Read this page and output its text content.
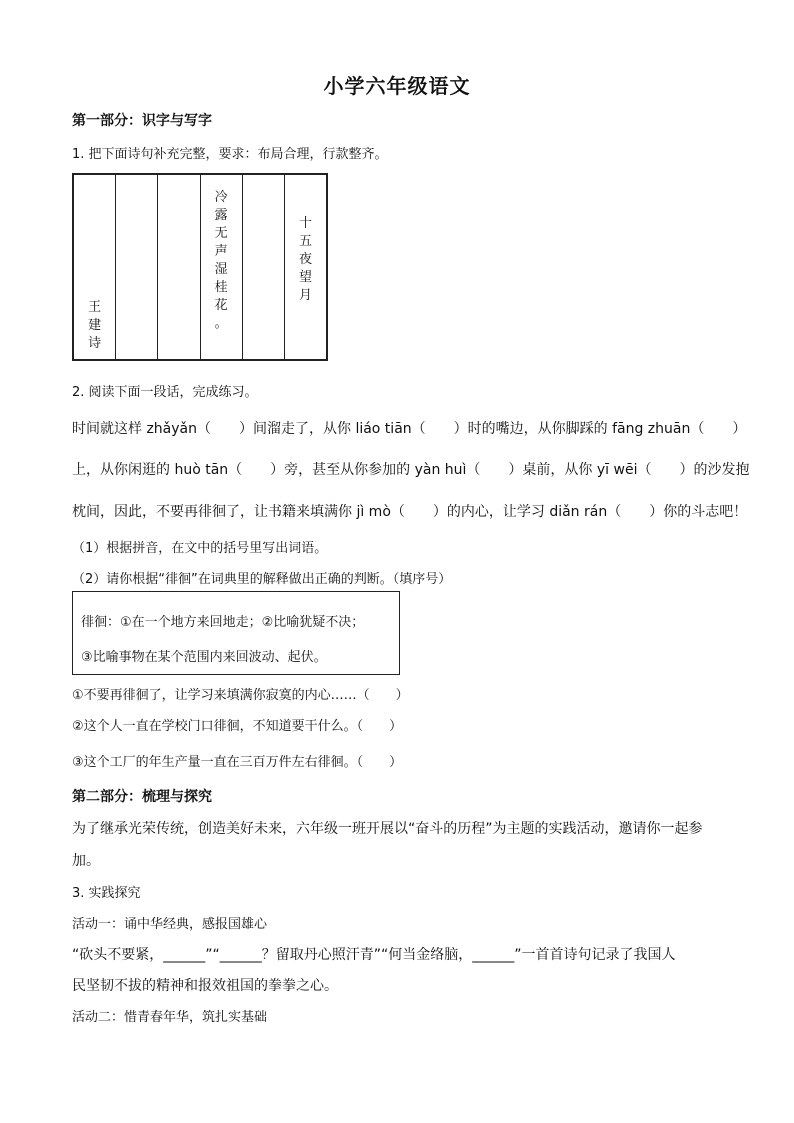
小学六年级语文
第一部分：识字与写字
1. 把下面诗句补充完整，要求：布局合理，行款整齐。
王
建
诗
冷
露
无
声
湿
桂
花
。
十
五
夜
望
月
2. 阅读下面一段话，完成练习。
时间就这样 zhǎyǎn（　　）间溜走了，从你 liáo tiān（　　）时的嘴边，从你脚踩的 fāng zhuān（　　）
上，从你闲逛的 huò tān（　　）旁，甚至从你参加的 yàn huì（　　）桌前，从你 yī wēi（　　）的沙发抱
枕间，因此，不要再徘徊了，让书籍来填满你 jì mò（　　）的内心，让学习 diǎn rán（　　）你的斗志吧！
（1）根据拼音，在文中的括号里写出词语。
（2）请你根据“徘徊”在词典里的解释做出正确的判断。（填序号）
徘徊：①在一个地方来回地走；②比喻犹疑不决；
③比喻事物在某个范围内来回波动、起伏。
①不要再徘徊了，让学习来填满你寂寞的内心……（　　）
②这个人一直在学校门口徘徊，不知道要干什么。（　　）
③这个工厂的年生产量一直在三百万件左右徘徊。（　　）
第二部分：梳理与探究
为了继承光荣传统，创造美好未来，六年级一班开展以“奋斗的历程”为主题的实践活动，邀请你一起参
加。
3. 实践探究
活动一：诵中华经典，感报国雄心
“砍头不要紧，______”“______？留取丹心照汗青”“何当金络脑，______”一首首诗句记录了我国人
民坚韧不拔的精神和报效祖国的拳拳之心。
活动二：惜青春年华，筑扎实基础
